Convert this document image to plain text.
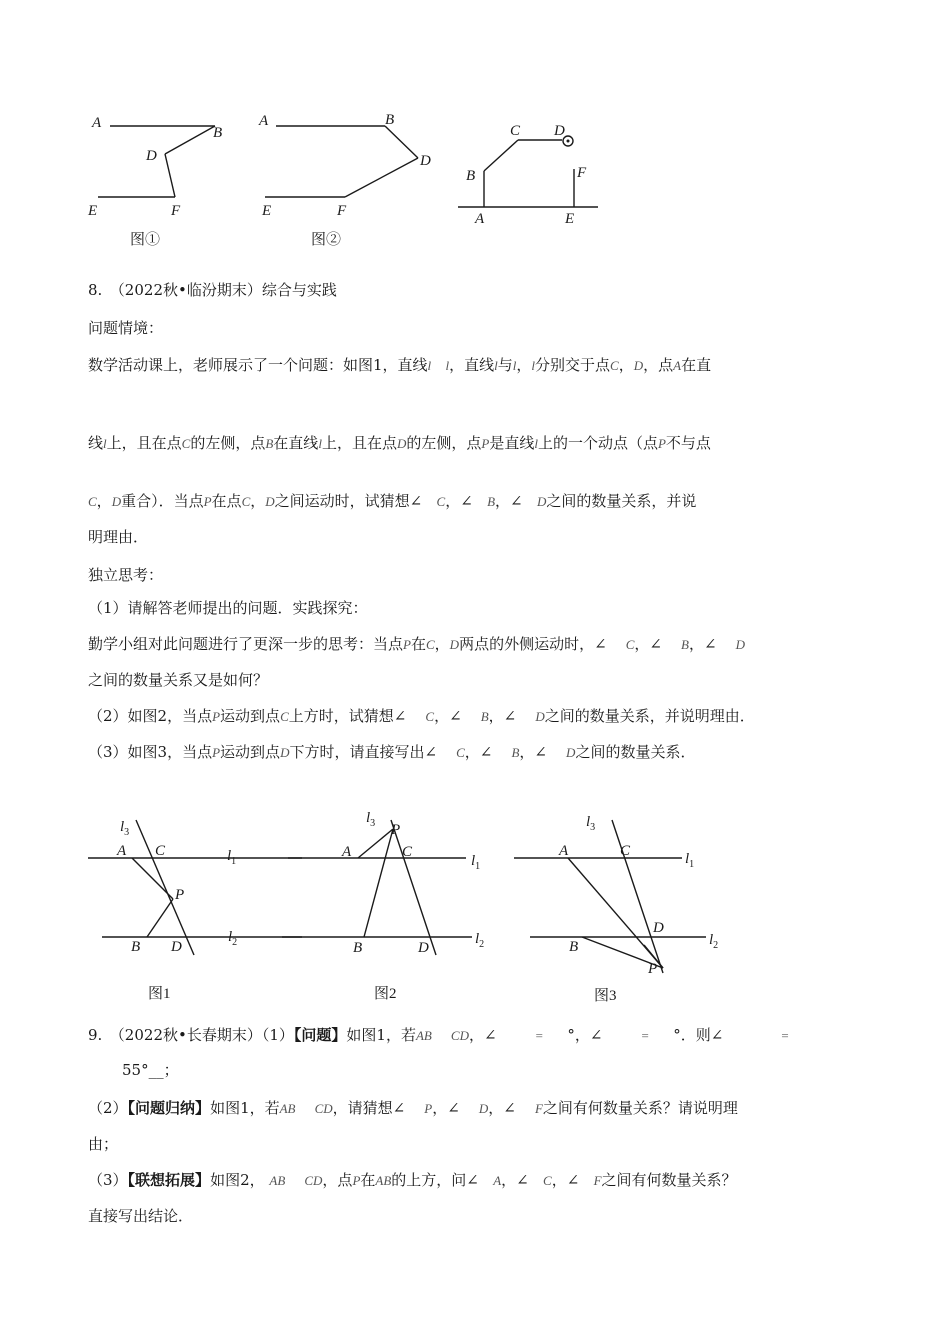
A
B
D
E	F
图①
A	B
D
E	F
图②
C D
B	F
A	E
8.　（2022秋•临汾期末）综合与实践
问题情境：
数学活动课上，老师展示了一个问题：如图1，直线l l，直线l与l，l分别交于点C，D，点A在直
线l上，且在点C的左侧，点B在直线l上，且在点D的左侧，点P是直线l上的一个动点（点P不与点
C，D重合）．当点P在点C，D之间运动时，试猜想∠ C，∠ B，∠ D之间的数量关系，并说
明理由．
独立思考：
（1）请解答老师提出的问题．实践探究：
勤学小组对此问题进行了更深一步的思考：当点P在C，D两点的外侧运动时，∠ C，∠ B，∠ D
之间的数量关系又是如何？
（2）如图2，当点P运动到点C上方时，试猜想∠ C，∠ B，∠ D之间的数量关系，并说明理由．
（3）如图3，当点P运动到点D下方时，请直接写出∠ C，∠ B，∠ D之间的数量关系．
$l_3$
A C	$l_1$
P
B D
$l_2$
图1
$l_3$ P
A	C
$l_1$
B	D
$l_2$
图2
$l_3$
A	C	$l_1$
D
B
P
$l_2$
图3
9.　（2022秋•长春期末）（1）【问题】如图1，若AB CD，∠	= °，∠	= °．则∠	=
55°__；
（2）【问题归纳】如图1，若AB CD，请猜想∠ P，∠ D，∠ F之间有何数量关系？请说明理
由；
（3）【联想拓展】如图2， AB CD，点P在AB的上方，问∠ A，∠ C，∠ F之间有何数量关系？
直接写出结论．
